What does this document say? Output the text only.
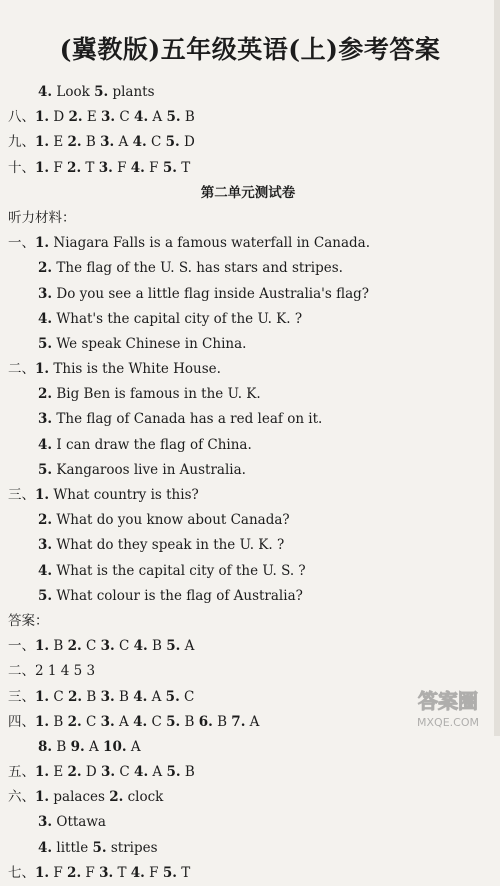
(冀教版)五年级英语(上)参考答案
4. Look 5. plants
八、1. D 2. E 3. C 4. A 5. B
九、1. E 2. B 3. A 4. C 5. D
十、1. F 2. T 3. F 4. F 5. T
第二单元测试卷
听力材料：
一、1. Niagara Falls is a famous waterfall in Canada.
2. The flag of the U. S. has stars and stripes.
3. Do you see a little flag inside Australia's flag?
4. What's the capital city of the U. K. ?
5. We speak Chinese in China.
二、1. This is the White House.
2. Big Ben is famous in the U. K.
3. The flag of Canada has a red leaf on it.
4. I can draw the flag of China.
5. Kangaroos live in Australia.
三、1. What country is this?
2. What do you know about Canada?
3. What do they speak in the U. K. ?
4. What is the capital city of the U. S. ?
5. What colour is the flag of Australia?
答案：
一、1. B 2. C 3. C 4. B 5. A
二、2 1 4 5 3
三、1. C 2. B 3. B 4. A 5. C
四、1. B 2. C 3. A 4. C 5. B 6. B 7. A
8. B 9. A 10. A
五、1. E 2. D 3. C 4. A 5. B
六、1. palaces 2. clock
3. Ottawa
4. little 5. stripes
七、1. F 2. F 3. T 4. F 5. T
答案圈
MXQE.COM
